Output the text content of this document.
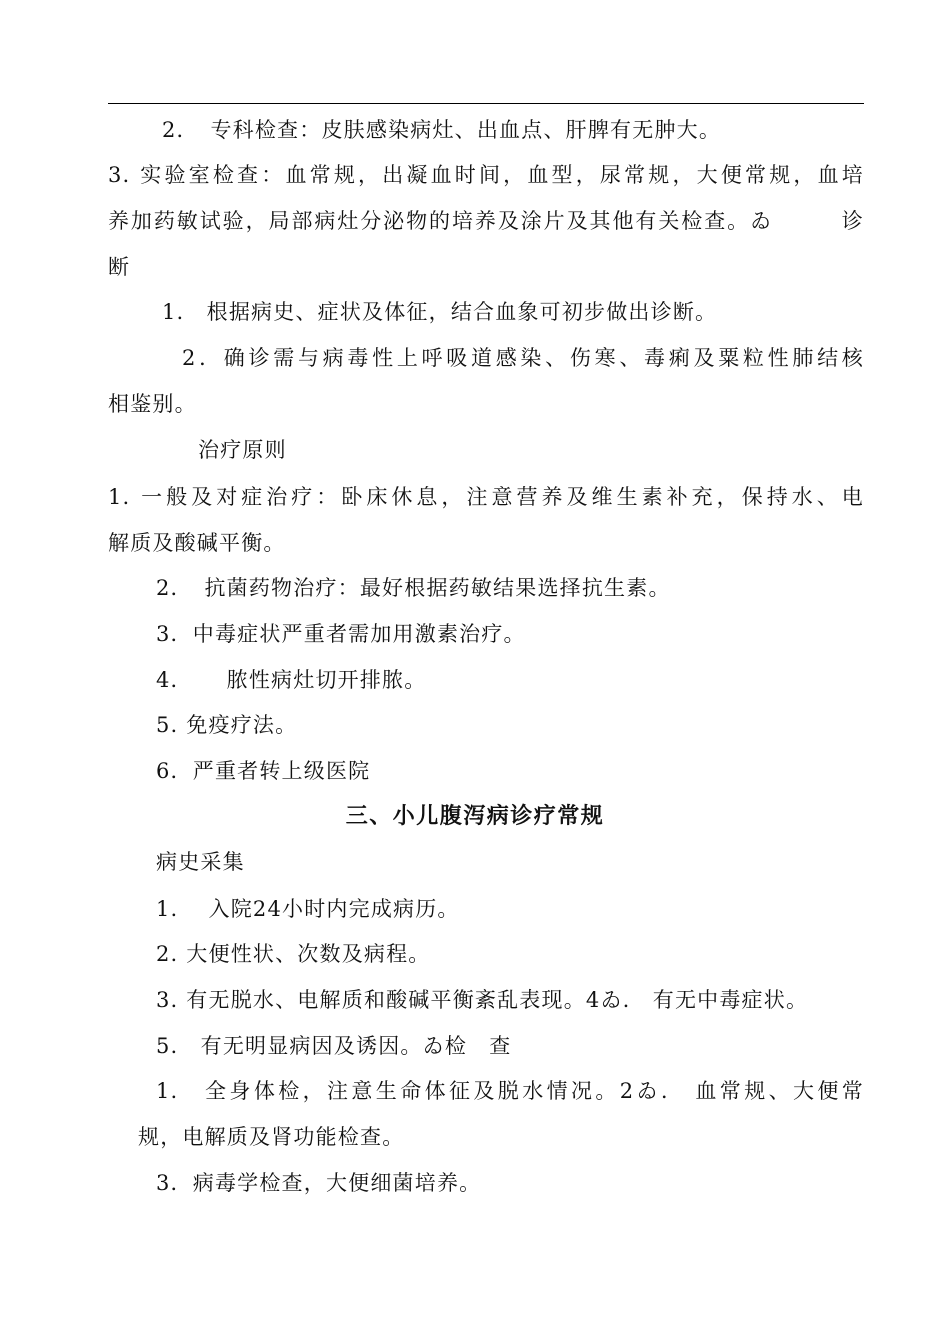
2．　专科检查：皮肤感染病灶、出血点、肝脾有无肿大。
3. 实验室检查：血常规，出凝血时间，血型，尿常规，大便常规，血培
养加药敏试验，局部病灶分泌物的培养及涂片及其他有关检查。ゐ　　　诊
断
1.　根据病史、症状及体征，结合血象可初步做出诊断。
2．确诊需与病毒性上呼吸道感染、伤寒、毒痢及粟粒性肺结核
相鉴别。
治疗原则
1. 一般及对症治疗：卧床休息，注意营养及维生素补充，保持水、电
解质及酸碱平衡。
2．　抗菌药物治疗：最好根据药敏结果选择抗生素。
3．中毒症状严重者需加用激素治疗。
4．　　脓性病灶切开排脓。
5. 免疫疗法。
6．严重者转上级医院
三、小儿腹泻病诊疗常规
病史采集
1.　 入院24小时内完成病历。
2. 大便性状、次数及病程。
3. 有无脱水、电解质和酸碱平衡紊乱表现。4ゐ.　有无中毒症状。
5.　有无明显病因及诱因。ゐ检　查
1.　全身体检，注意生命体征及脱水情况。2ゐ.　血常规、大便常
规，电解质及肾功能检查。
3．病毒学检查，大便细菌培养。
